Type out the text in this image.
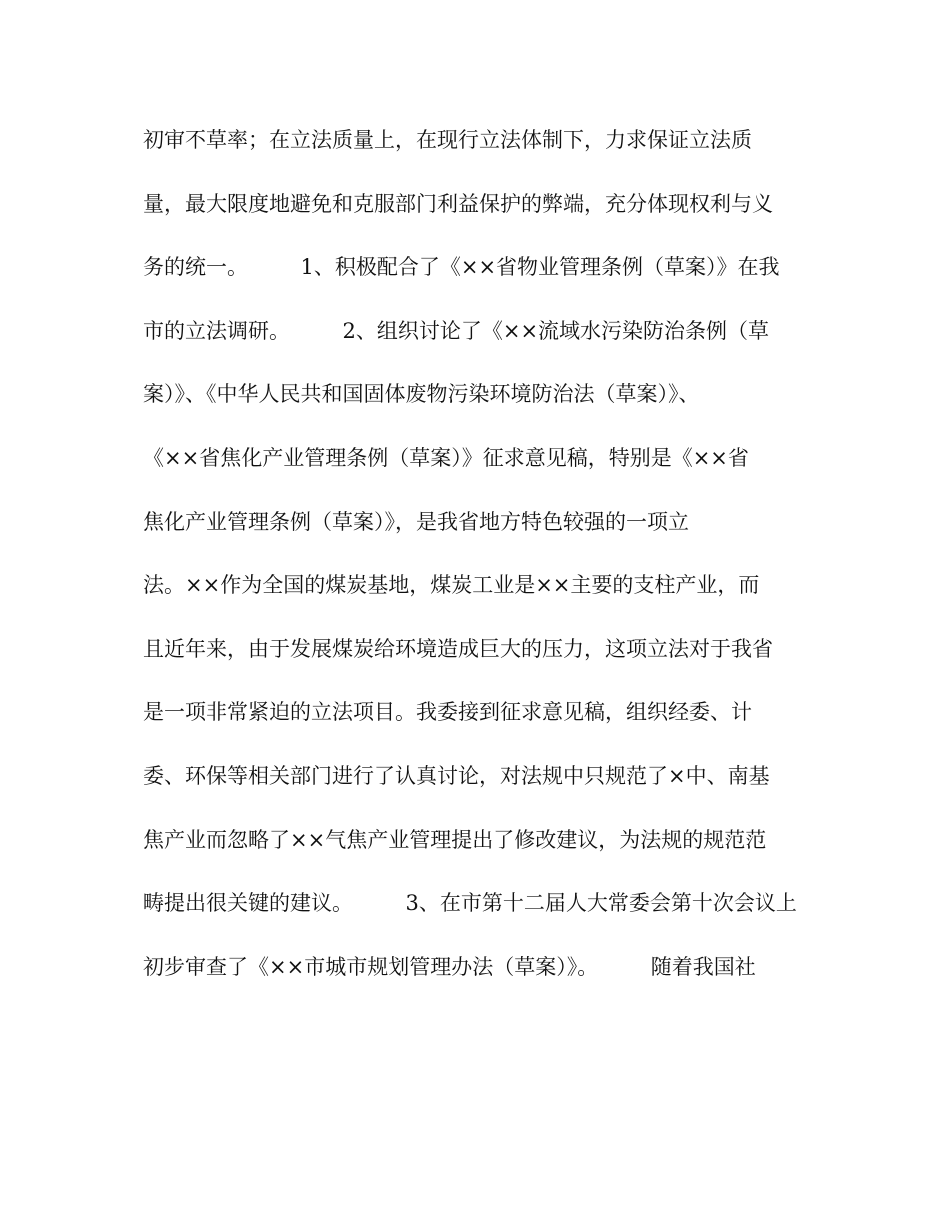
初审不草率；在立法质量上，在现行立法体制下，力求保证立法质
量，最大限度地避免和克服部门利益保护的弊端，充分体现权利与义
务的统一。　　　1、积极配合了《××省物业管理条例（草案）》在我
市的立法调研。　　　2、组织讨论了《××流域水污染防治条例（草
案）》、《中华人民共和国固体废物污染环境防治法（草案）》、
《××省焦化产业管理条例（草案）》征求意见稿，特别是《××省
焦化产业管理条例（草案）》，是我省地方特色较强的一项立
法。××作为全国的煤炭基地，煤炭工业是××主要的支柱产业，而
且近年来，由于发展煤炭给环境造成巨大的压力，这项立法对于我省
是一项非常紧迫的立法项目。我委接到征求意见稿，组织经委、计
委、环保等相关部门进行了认真讨论，对法规中只规范了×中、南基
焦产业而忽略了××气焦产业管理提出了修改建议，为法规的规范范
畴提出很关键的建议。　　　3、在市第十二届人大常委会第十次会议上
初步审查了《××市城市规划管理办法（草案）》。　　　随着我国社
